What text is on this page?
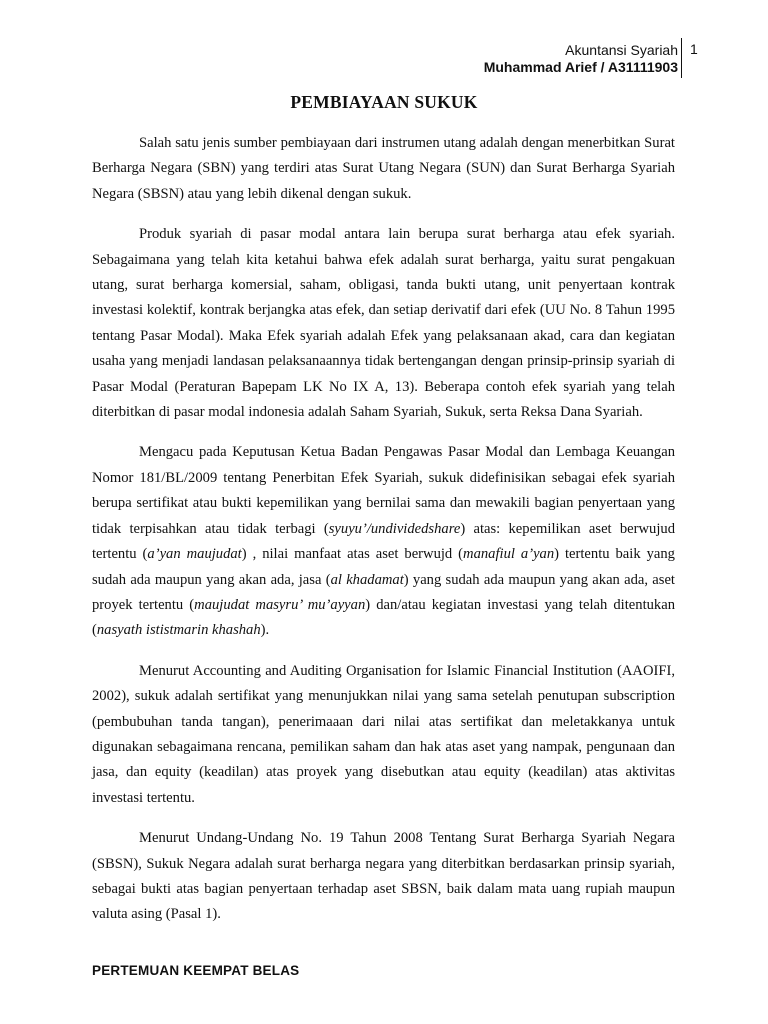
Akuntansi Syariah
Muhammad Arief / A31111903
1
PEMBIAYAAN SUKUK

Salah satu jenis sumber pembiayaan dari instrumen utang adalah dengan menerbitkan Surat Berharga Negara (SBN) yang terdiri atas Surat Utang Negara (SUN) dan Surat Berharga Syariah Negara (SBSN) atau yang lebih dikenal dengan sukuk.

Produk syariah di pasar modal antara lain berupa surat berharga atau efek syariah. Sebagaimana yang telah kita ketahui bahwa efek adalah surat berharga, yaitu surat pengakuan utang, surat berharga komersial, saham, obligasi, tanda bukti utang, unit penyertaan kontrak investasi kolektif, kontrak berjangka atas efek, dan setiap derivatif dari efek (UU No. 8 Tahun 1995 tentang Pasar Modal). Maka Efek syariah adalah Efek yang pelaksanaan akad, cara dan kegiatan usaha yang menjadi landasan pelaksanaannya tidak bertengangan dengan prinsip-prinsip syariah di Pasar Modal (Peraturan Bapepam LK No IX A, 13). Beberapa contoh efek syariah yang telah diterbitkan di pasar modal indonesia adalah Saham Syariah, Sukuk, serta Reksa Dana Syariah.

Mengacu pada Keputusan Ketua Badan Pengawas Pasar Modal dan Lembaga Keuangan Nomor 181/BL/2009 tentang Penerbitan Efek Syariah, sukuk didefinisikan sebagai efek syariah berupa sertifikat atau bukti kepemilikan yang bernilai sama dan mewakili bagian penyertaan yang tidak terpisahkan atau tidak terbagi (syuyu’/undividedshare) atas: kepemilikan aset berwujud tertentu (a’yan maujudat) , nilai manfaat atas aset berwujd (manafiul a’yan) tertentu baik yang sudah ada maupun yang akan ada, jasa (al khadamat) yang sudah ada maupun yang akan ada, aset proyek tertentu (maujudat masyru’ mu’ayyan) dan/atau kegiatan investasi yang telah ditentukan (nasyath ististmarin khashah).

Menurut Accounting and Auditing Organisation for Islamic Financial Institution (AAOIFI, 2002), sukuk adalah sertifikat yang menunjukkan nilai yang sama setelah penutupan subscription (pembubuhan tanda tangan), penerimaaan dari nilai atas sertifikat dan meletakkanya untuk digunakan sebagaimana rencana, pemilikan saham dan hak atas aset yang nampak, pengunaan dan jasa, dan equity (keadilan) atas proyek yang disebutkan atau equity (keadilan) atas aktivitas investasi tertentu.

Menurut Undang-Undang No. 19 Tahun 2008 Tentang Surat Berharga Syariah Negara (SBSN), Sukuk Negara adalah surat berharga negara yang diterbitkan berdasarkan prinsip syariah, sebagai bukti atas bagian penyertaan terhadap aset SBSN, baik dalam mata uang rupiah maupun valuta asing (Pasal 1).

PERTEMUAN KEEMPAT BELAS
